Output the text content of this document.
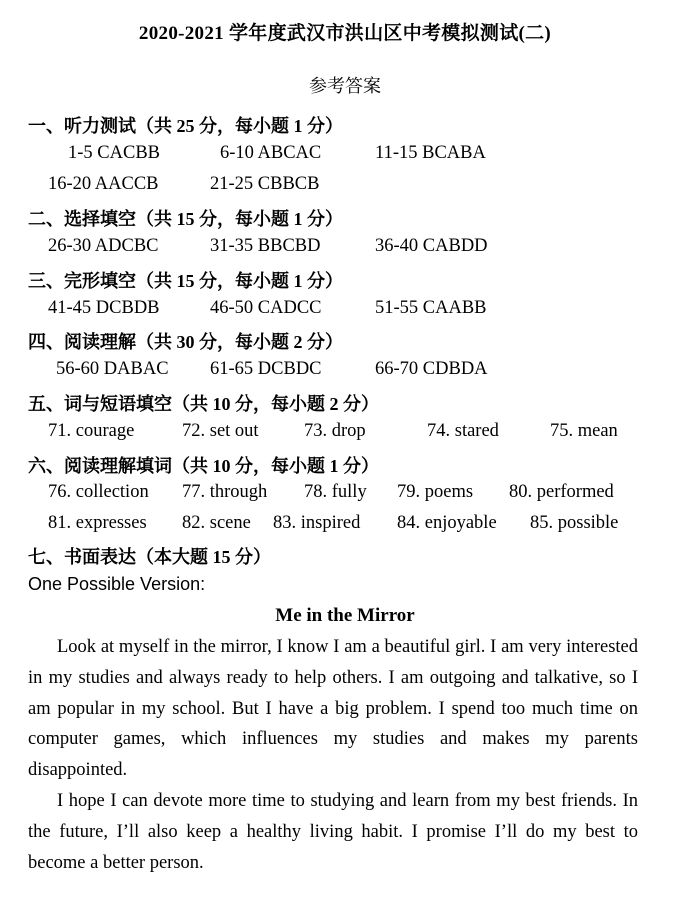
2020-2021 学年度武汉市洪山区中考模拟测试(二)
参考答案
一、听力测试（共 25 分，每小题 1 分）
1-5 CACBB	6-10 ABCAC	11-15 BCABA
16-20 AACCB	21-25 CBBCB
二、选择填空（共 15 分，每小题 1 分）
26-30 ADCBC	31-35 BBCBD	36-40 CABDD
三、完形填空（共 15 分，每小题 1 分）
41-45 DCBDB	46-50 CADCC	51-55 CAABB
四、阅读理解（共 30 分，每小题 2 分）
56-60 DABAC 61-65 DCBDC	66-70 CDBDA
五、词与短语填空（共 10 分，每小题 2 分）
71. courage	72. set out 73. drop	74. stared	75. mean
六、阅读理解填词（共 10 分，每小题 1 分）
76. collection 77. through 78. fully 79. poems 80. performed
81. expresses 82. scene 83. inspired 84. enjoyable 85. possible
七、书面表达（本大题 15 分）
One Possible Version:
Me in the Mirror

Look at myself in the mirror, I know I am a beautiful girl. I am very interested in my studies and always ready to help others. I am outgoing and talkative, so I am popular in my school. But I have a big problem. I spend too much time on computer games, which influences my studies and makes my parents disappointed.

I hope I can devote more time to studying and learn from my best friends. In the future, I’ll also keep a healthy living habit. I promise I’ll do my best to become a better person.
